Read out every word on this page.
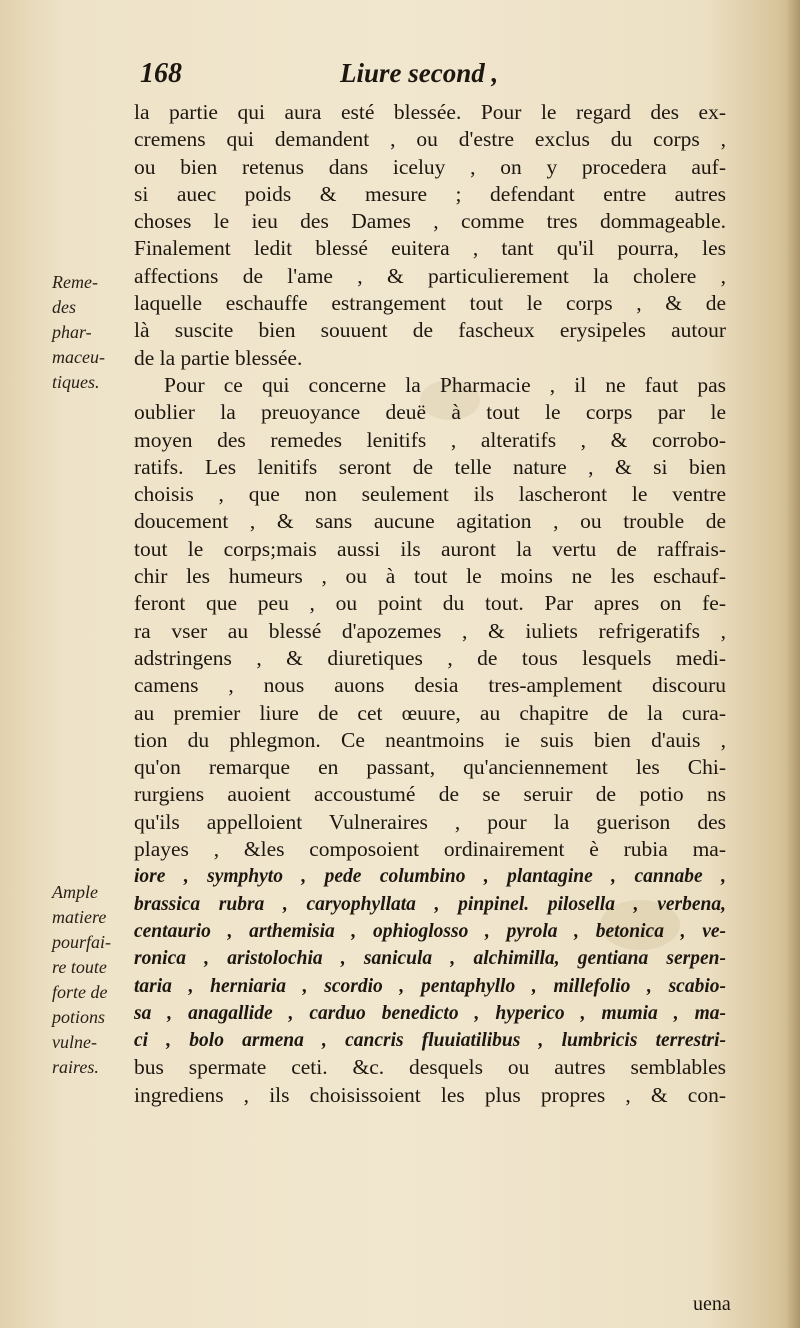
168	Liure second ,
Reme-
des
phar-
maceu-
tiques.
Ample
matiere
pourfai-
re toute
forte de
potions
vulne-
raires.
la partie qui aura esté blessée. Pour le regard des ex-
cremens qui demandent , ou d'estre exclus du corps ,
ou bien retenus dans iceluy , on y procedera auf-
si auec poids & mesure ; defendant entre autres
choses le ieu des Dames , comme tres dommageable.
Finalement ledit blessé euitera , tant qu'il pourra, les
affections de l'ame , & particulierement la cholere ,
laquelle eschauffe estrangement tout le corps , & de
là suscite bien souuent de fascheux erysipeles autour
de la partie blessée.
Pour ce qui concerne la Pharmacie , il ne faut pas
oublier la preuoyance deuë à tout le corps par le
moyen des remedes lenitifs , alteratifs , & corrobo-
ratifs. Les lenitifs seront de telle nature , & si bien
choisis , que non seulement ils lascheront le ventre
doucement , & sans aucune agitation , ou trouble de
tout le corps;mais aussi ils auront la vertu de raffrais-
chir les humeurs , ou à tout le moins ne les eschauf-
feront que peu , ou point du tout. Par apres on fe-
ra vser au blessé d'apozemes , & iuliets refrigeratifs ,
adstringens , & diuretiques , de tous lesquels medi-
camens , nous auons desia tres-amplement discouru
au premier liure de cet œuure, au chapitre de la cura-
tion du phlegmon. Ce neantmoins ie suis bien d'auis ,
qu'on remarque en passant, qu'anciennement les Chi-
rurgiens auoient accoustumé de se seruir de potio ns
qu'ils appelloient Vulneraires , pour la guerison des
playes , &les composoient ordinairement è rubia ma-
iore , symphyto , pede columbino , plantagine , cannabe ,
brassica rubra , caryophyllata , pinpinel. pilosella , verbena,
centaurio , arthemisia , ophioglosso , pyrola , betonica , ve-
ronica , aristolochia , sanicula , alchimilla, gentiana serpen-
taria , herniaria , scordio , pentaphyllo , millefolio , scabio-
sa , anagallide , carduo benedicto , hyperico , mumia , ma-
ci , bolo armena , cancris fluuiatilibus , lumbricis terrestri-
bus spermate ceti. &c. desquels ou autres semblables
ingrediens , ils choisissoient les plus propres , & con-
uena
